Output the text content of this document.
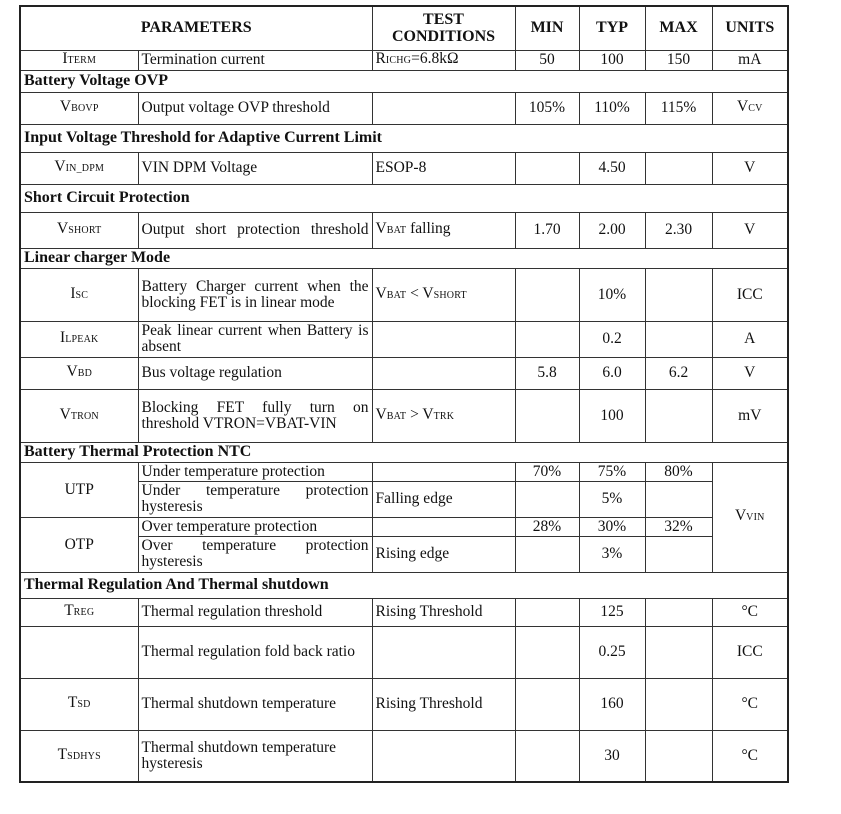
PARAMETERS		TEST CONDITIONS	MIN	TYP	MAX	UNITS
ITERM	Termination current	RICHG=6.8kΩ	50	100	150	mA
Battery Voltage OVP						
VBOVP	Output voltage OVP threshold		105%	110%	115%	VCV
Input Voltage Threshold for Adaptive Current Limit						
VIN_DPM	VIN DPM Voltage	ESOP-8		4.50		V
Short Circuit Protection						
VSHORT	Output short protection threshold	VBAT falling	1.70	2.00	2.30	V
Linear charger Mode						
ISC	Battery Charger current when the blocking FET is in linear mode	VBAT < VSHORT		10%		ICC
ILPEAK	Peak linear current when Battery is absent			0.2		A
VBD	Bus voltage regulation		5.8	6.0	6.2	V
VTRON	Blocking FET fully turn on threshold VTRON=VBAT-VIN	VBAT > VTRK		100		mV
Battery Thermal Protection NTC						
UTP	Under temperature protection		70%	75%	80%	VVIN
	Under temperature protection hysteresis	Falling edge		5%		
OTP	Over temperature protection		28%	30%	32%	
	Over temperature protection hysteresis	Rising edge		3%		
Thermal Regulation And Thermal shutdown						
TREG	Thermal regulation threshold	Rising Threshold		125		°C
	Thermal regulation fold back ratio			0.25		ICC
TSD	Thermal shutdown temperature	Rising Threshold		160		°C
TSDHYS	Thermal shutdown temperature hysteresis			30		°C
